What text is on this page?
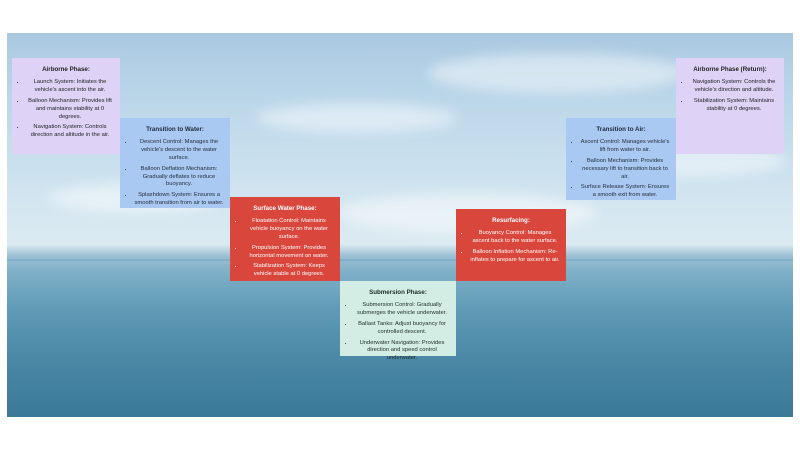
Airborne Phase:
• Launch System: Initiates the vehicle's ascent into the air.
• Balloon Mechanism: Provides lift and maintains stability at 0 degrees.
• Navigation System: Controls direction and altitude in the air.
Transition to Water:
• Descent Control: Manages the vehicle's descent to the water surface.
• Balloon Deflation Mechanism: Gradually deflates to reduce buoyancy.
• Splashdown System: Ensures a smooth transition from air to water.
Surface Water Phase:
• Floatation Control: Maintains vehicle buoyancy on the water surface.
• Propulsion System: Provides horizontal movement on water.
• Stabilization System: Keeps vehicle stable at 0 degrees.
Submersion Phase:
• Submersion Control: Gradually submerges the vehicle underwater.
• Ballast Tanks: Adjust buoyancy for controlled descent.
• Underwater Navigation: Provides direction and speed control underwater.
Resurfacing:
• Buoyancy Control: Manages ascent back to the water surface.
• Balloon Inflation Mechanism: Re-inflates to prepare for ascent to air.
Transition to Air:
• Ascent Control: Manages vehicle's lift from water to air.
• Balloon Mechanism: Provides necessary lift to transition back to air.
• Surface Release System: Ensures a smooth exit from water.
Airborne Phase (Return):
• Navigation System: Controls the vehicle's direction and altitude.
• Stabilization System: Maintains stability at 0 degrees.
